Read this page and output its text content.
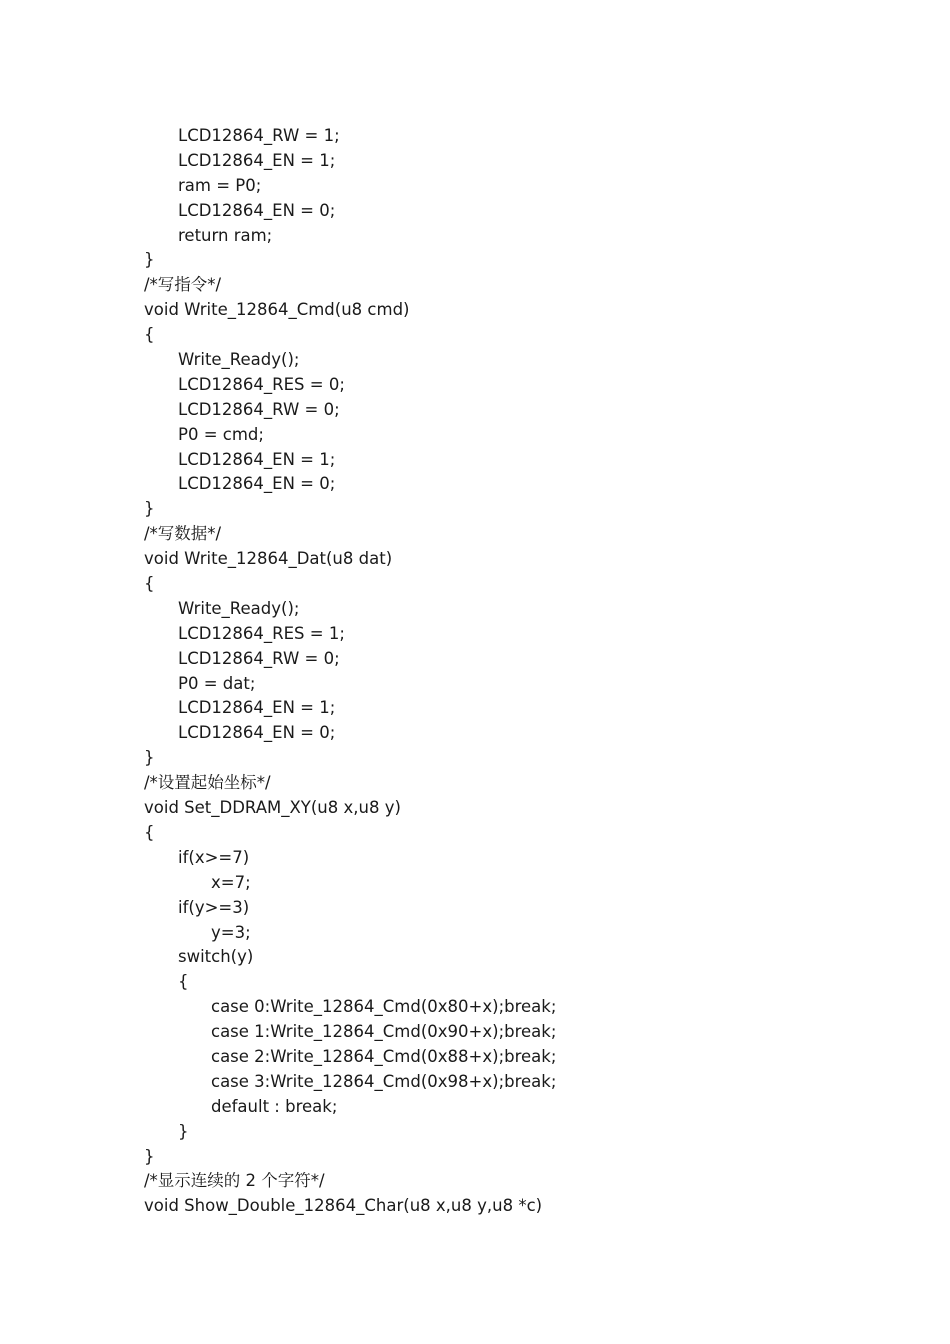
LCD12864_RW = 1;
LCD12864_EN = 1;
ram = P0;
LCD12864_EN = 0;
return ram;
}
/*写指令*/
void Write_12864_Cmd(u8 cmd)
{
Write_Ready();
LCD12864_RES = 0;
LCD12864_RW = 0;
P0 = cmd;
LCD12864_EN = 1;
LCD12864_EN = 0;
}
/*写数据*/
void Write_12864_Dat(u8 dat)
{
Write_Ready();
LCD12864_RES = 1;
LCD12864_RW = 0;
P0 = dat;
LCD12864_EN = 1;
LCD12864_EN = 0;
}
/*设置起始坐标*/
void Set_DDRAM_XY(u8 x,u8 y)
{
if(x>=7)
x=7;
if(y>=3)
y=3;
switch(y)
{
case 0:Write_12864_Cmd(0x80+x);break;
case 1:Write_12864_Cmd(0x90+x);break;
case 2:Write_12864_Cmd(0x88+x);break;
case 3:Write_12864_Cmd(0x98+x);break;
default : break;
}
}
/*显示连续的 2 个字符*/
void Show_Double_12864_Char(u8 x,u8 y,u8 *c)
